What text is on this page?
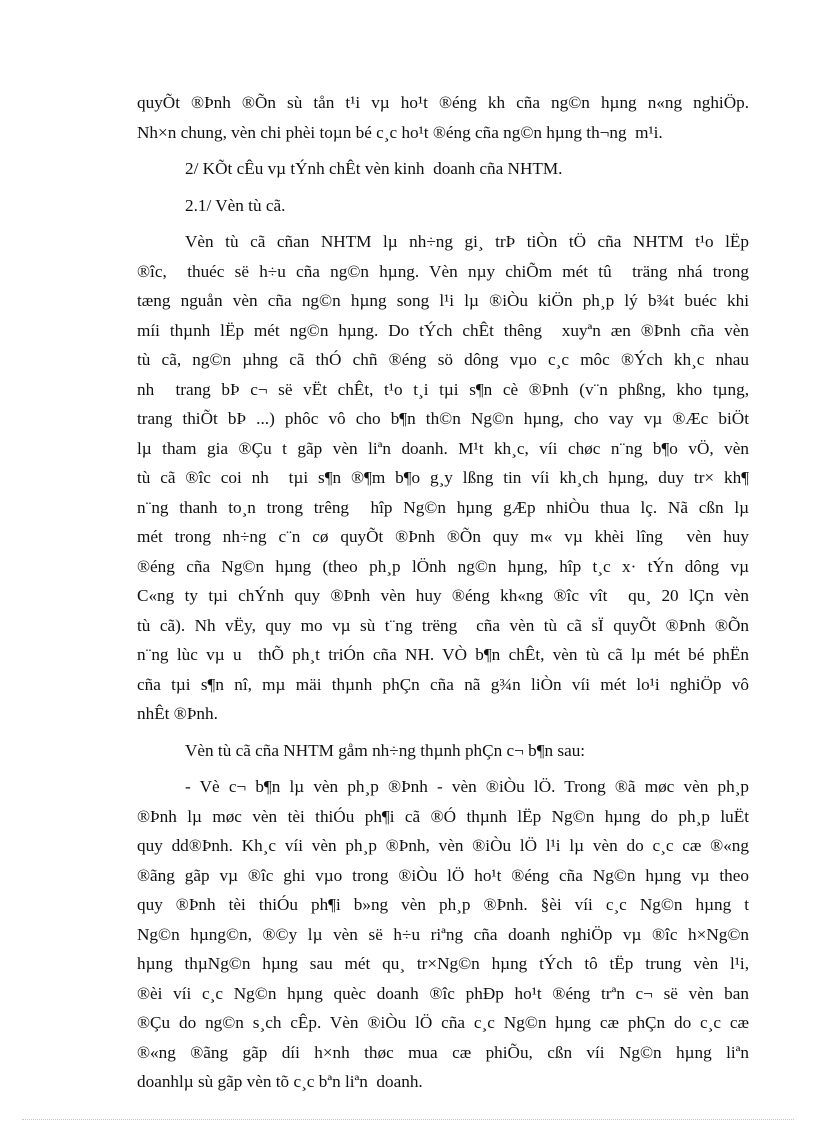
quyÕt ®Þnh ®Õn sù tån t¹i vµ ho¹t ®éng kh cña ng©n hµng n«ng nghiÖp.
Nh×n chung, vèn chi phèi toµn bé c¸c ho¹t ®éng cña ng©n hµng th¬ng  m¹i.
2/ KÕt cÊu vµ tÝnh chÊt vèn kinh  doanh cña NHTM.
2.1/ Vèn tù cã.
Vèn tù cã cñan NHTM lµ nh÷ng gi¸ trÞ tiÒn tÖ cña NHTM t¹o lËp
®îc,  thuéc së h÷u cña ng©n hµng. Vèn nµy chiÕm mét tû  träng nhá trong
tæng nguån vèn cña ng©n hµng song l¹i lµ ®iÒu kiÖn ph¸p lý b¾t buéc khi
míi thµnh lËp mét ng©n hµng. Do tÝch chÊt thêng  xuyªn æn ®Þnh cña vèn
tù cã, ng©n µhng cã thÓ chñ ®éng sö dông vµo c¸c môc ®Ých kh¸c nhau
nh  trang bÞ c¬ së vËt chÊt, t¹o t¸i tµi s¶n cè ®Þnh (v¨n phßng, kho tµng,
trang thiÕt bÞ ...) phôc vô cho b¶n th©n Ng©n hµng, cho vay vµ ®Æc biÖt
lµ tham gia ®Çu t gãp vèn liªn doanh. M¹t kh¸c, víi chøc n¨ng b¶o vÖ, vèn
tù cã ®îc coi nh  tµi s¶n ®¶m b¶o g¸y lßng tin víi kh¸ch hµng, duy tr× kh¶
n¨ng thanh to¸n trong trêng  hîp Ng©n hµng gÆp nhiÒu thua lç. Nã cßn lµ
mét trong nh÷ng c¨n cø quyÕt ®Þnh ®Õn quy m« vµ khèi lîng  vèn huy
®éng cña Ng©n hµng (theo ph¸p lÖnh ng©n hµng, hîp t¸c x· tÝn dông vµ
C«ng ty tµi chÝnh quy ®Þnh vèn huy ®éng kh«ng ®îc vît  qu¸ 20 lÇn vèn
tù cã). Nh vËy, quy mo vµ sù t¨ng trëng  cña vèn tù cã sÏ quyÕt ®Þnh ®Õn
n¨ng lùc vµ u  thÕ ph¸t triÓn cña NH. VÒ b¶n chÊt, vèn tù cã lµ mét bé phËn
cña tµi s¶n nî, mµ mäi thµnh phÇn cña nã g¾n liÒn víi mét lo¹i nghiÖp vô
nhÊt ®Þnh.
Vèn tù cã cña NHTM gåm nh÷ng thµnh phÇn c¬ b¶n sau:
- Vè c¬ b¶n lµ vèn ph¸p ®Þnh - vèn ®iÒu lÖ. Trong ®ã møc vèn ph¸p
®Þnh lµ møc vèn tèi thiÓu ph¶i cã ®Ó thµnh lËp Ng©n hµng do ph¸p luËt
quy dd®Þnh. Kh¸c víi vèn ph¸p ®Þnh, vèn ®iÒu lÖ l¹i lµ vèn do c¸c cæ ®«ng
®ãng gãp vµ ®îc ghi vµo trong ®iÒu lÖ ho¹t ®éng cña Ng©n hµng vµ theo
quy ®Þnh tèi thiÓu ph¶i b»ng vèn ph¸p ®Þnh. §èi víi c¸c Ng©n hµng t
Ng©n hµng©n, ®©y lµ vèn së h÷u riªng cña doanh nghiÖp vµ ®îc h×Ng©n
hµng thµNg©n hµng sau mét qu¸ tr×Ng©n hµng tÝch tô tËp trung vèn l¹i,
®èi víi c¸c Ng©n hµng quèc doanh ®îc phÐp ho¹t ®éng trªn c¬ së vèn ban
®Çu do ng©n s¸ch cÊp. Vèn ®iÒu lÖ cña c¸c Ng©n hµng cæ phÇn do c¸c cæ
®«ng ®ãng gãp díi h×nh thøc mua cæ phiÕu, cßn víi Ng©n hµng liªn
doanhlµ sù gãp vèn tõ c¸c bªn liªn  doanh.
